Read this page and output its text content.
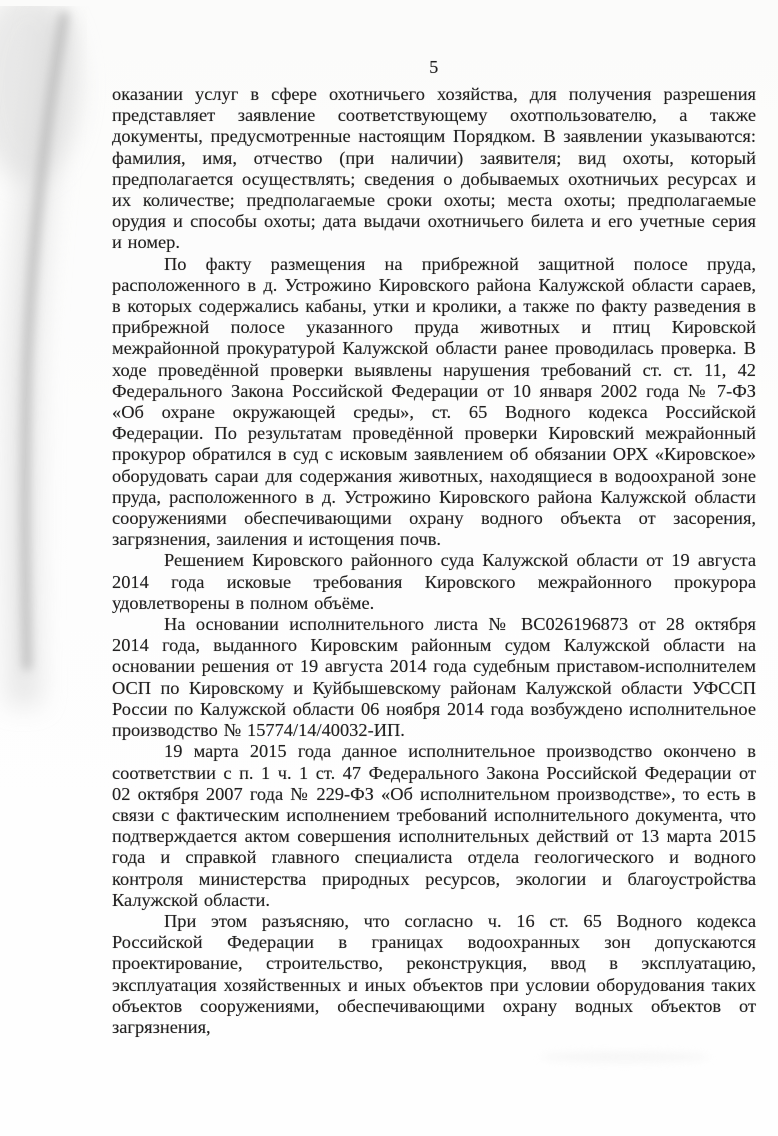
5

оказании услуг в сфере охотничьего хозяйства, для получения разрешения представляет заявление соответствующему охотпользователю, а также документы, предусмотренные настоящим Порядком. В заявлении указываются: фамилия, имя, отчество (при наличии) заявителя; вид охоты, который предполагается осуществлять; сведения о добываемых охотничьих ресурсах и их количестве; предполагаемые сроки охоты; места охоты; предполагаемые орудия и способы охоты; дата выдачи охотничьего билета и его учетные серия и номер.

По факту размещения на прибрежной защитной полосе пруда, расположенного в д. Устрожино Кировского района Калужской области сараев, в которых содержались кабаны, утки и кролики, а также по факту разведения в прибрежной полосе указанного пруда животных и птиц Кировской межрайонной прокуратурой Калужской области ранее проводилась проверка. В ходе проведённой проверки выявлены нарушения требований ст. ст. 11, 42 Федерального Закона Российской Федерации от 10 января 2002 года № 7-ФЗ «Об охране окружающей среды», ст. 65 Водного кодекса Российской Федерации. По результатам проведённой проверки Кировский межрайонный прокурор обратился в суд с исковым заявлением об обязании ОРХ «Кировское» оборудовать сараи для содержания животных, находящиеся в водоохраной зоне пруда, расположенного в д. Устрожино Кировского района Калужской области сооружениями обеспечивающими охрану водного объекта от засорения, загрязнения, заиления и истощения почв.

Решением Кировского районного суда Калужской области от 19 августа 2014 года исковые требования Кировского межрайонного прокурора удовлетворены в полном объёме.

На основании исполнительного листа № ВС026196873 от 28 октября 2014 года, выданного Кировским районным судом Калужской области на основании решения от 19 августа 2014 года судебным приставом-исполнителем ОСП по Кировскому и Куйбышевскому районам Калужской области УФССП России по Калужской области 06 ноября 2014 года возбуждено исполнительное производство № 15774/14/40032-ИП.

19 марта 2015 года данное исполнительное производство окончено в соответствии с п. 1 ч. 1 ст. 47 Федерального Закона Российской Федерации от 02 октября 2007 года № 229-ФЗ «Об исполнительном производстве», то есть в связи с фактическим исполнением требований исполнительного документа, что подтверждается актом совершения исполнительных действий от 13 марта 2015 года и справкой главного специалиста отдела геологического и водного контроля министерства природных ресурсов, экологии и благоустройства Калужской области.

При этом разъясняю, что согласно ч. 16 ст. 65 Водного кодекса Российской Федерации в границах водоохранных зон допускаются проектирование, строительство, реконструкция, ввод в эксплуатацию, эксплуатация хозяйственных и иных объектов при условии оборудования таких объектов сооружениями, обеспечивающими охрану водных объектов от загрязнения,
